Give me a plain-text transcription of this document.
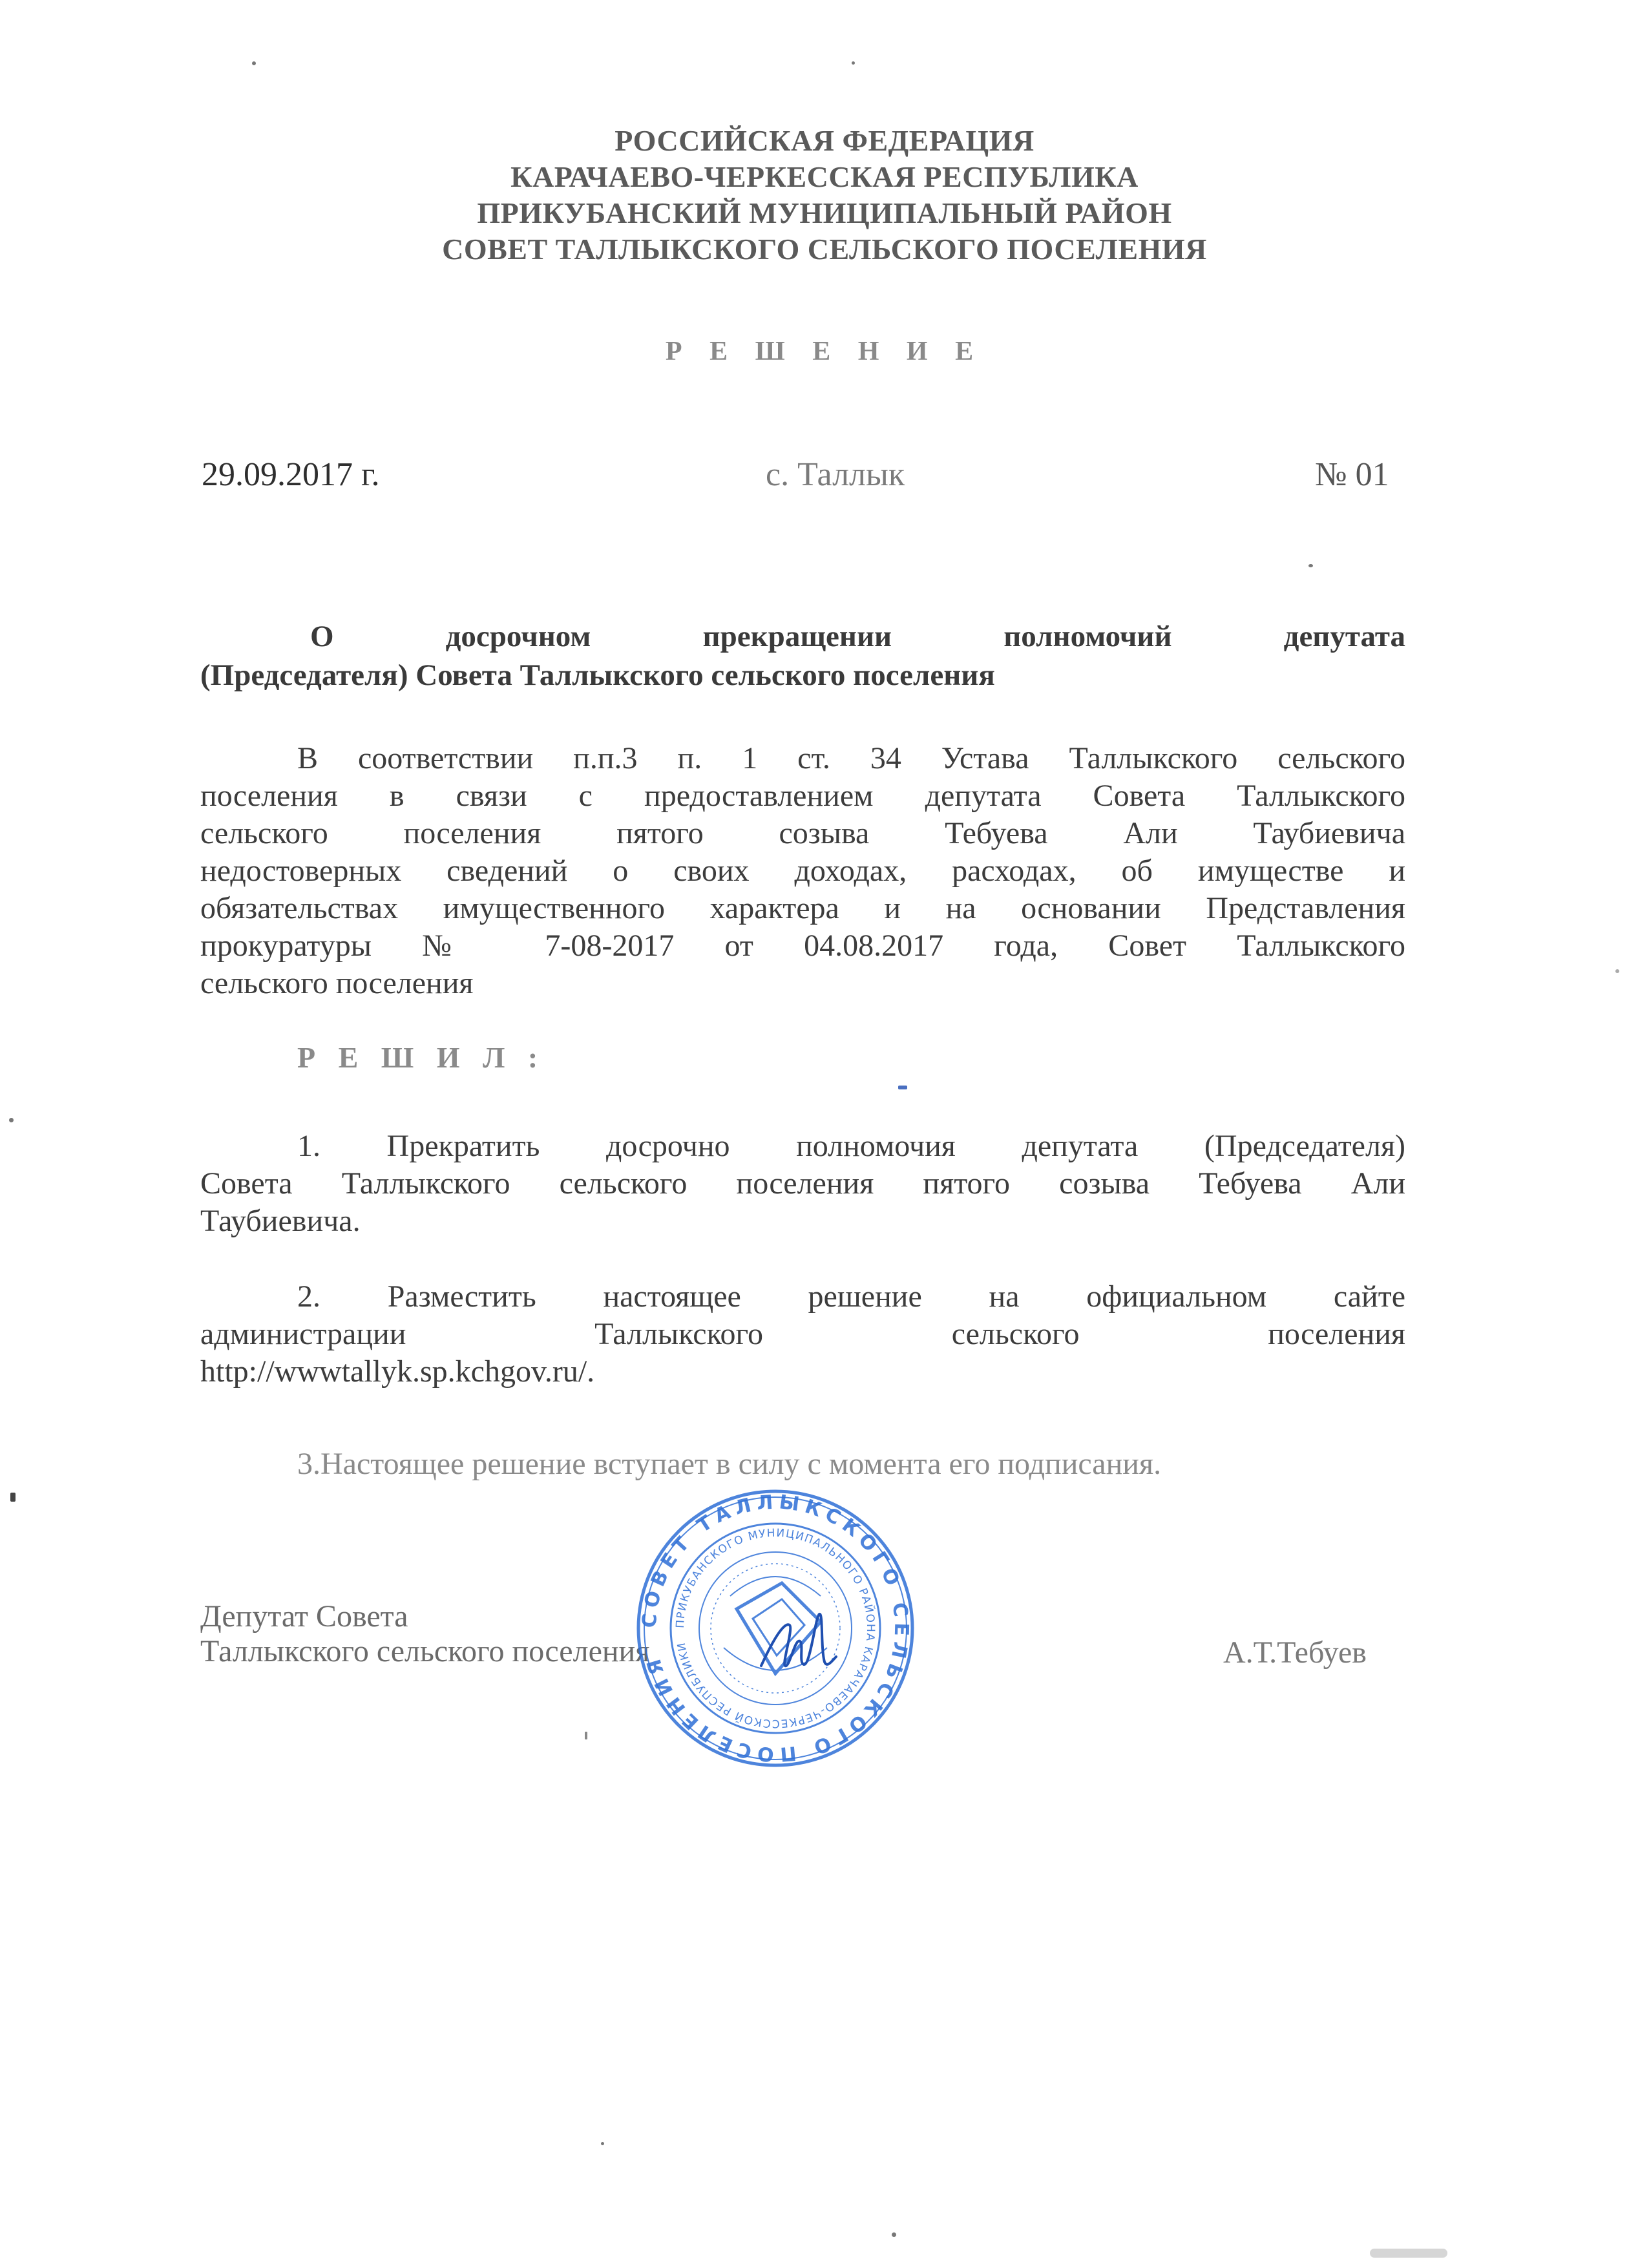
РОССИЙСКАЯ ФЕДЕРАЦИЯ
КАРАЧАЕВО-ЧЕРКЕССКАЯ РЕСПУБЛИКА
ПРИКУБАНСКИЙ МУНИЦИПАЛЬНЫЙ РАЙОН
СОВЕТ ТАЛЛЫКСКОГО СЕЛЬСКОГО ПОСЕЛЕНИЯ
Р Е Ш Е Н И Е
29.09.2017 г.	с. Таллык	№ 01
О досрочном прекращении полномочий депутата
(Председателя) Совета Таллыкского сельского поселения
В соответствии п.п.3 п. 1 ст. 34 Устава Таллыкского сельского
поселения в связи с предоставлением депутата Совета Таллыкского
сельского поселения пятого созыва Тебуева Али Таубиевича
недостоверных сведений о своих доходах, расходах, об имуществе и
обязательствах имущественного характера и на основании Представления
прокуратуры № 7-08-2017 от 04.08.2017 года, Совет Таллыкского
сельского поселения
Р Е Ш И Л :
1. Прекратить досрочно полномочия депутата (Председателя)
Совета Таллыкского сельского поселения пятого созыва Тебуева Али
Таубиевича.
2. Разместить настоящее решение на официальном сайте
администрации Таллыкского сельского поселения
http://wwwtallyk.sp.kchgov.ru/.
3.Настоящее решение вступает в силу с момента его подписания.
Депутат Совета
Таллыкского сельского поселения	А.Т.Тебуев
СОВЕТ ТАЛЛЫКСКОГО СЕЛЬСКОГО ПОСЕЛЕНИЯ
ПРИКУБАНСКОГО МУНИЦИПАЛЬНОГО РАЙОНА КАРАЧАЕВО-ЧЕРКЕССКОЙ РЕСПУБЛИКИ
